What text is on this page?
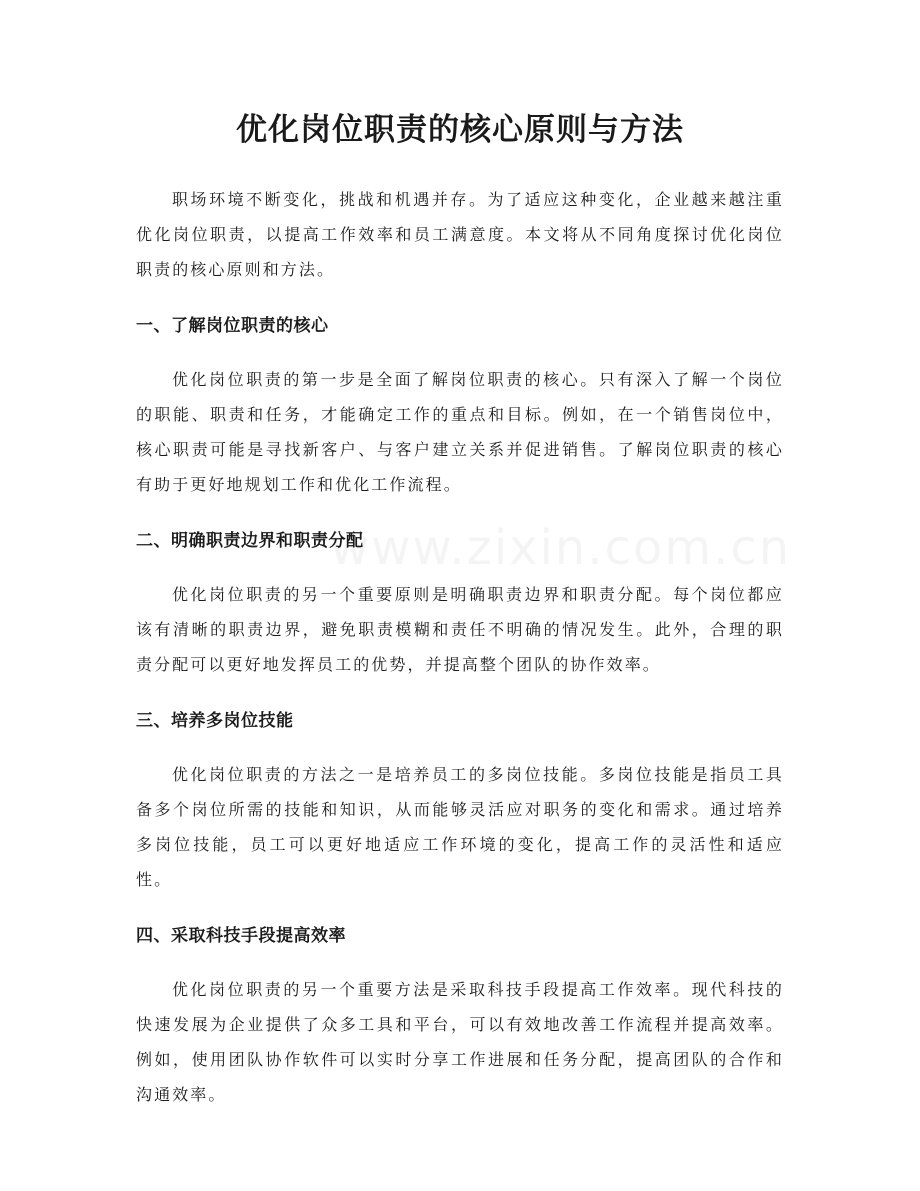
优化岗位职责的核心原则与方法

职场环境不断变化，挑战和机遇并存。为了适应这种变化，企业越来越注重优化岗位职责，以提高工作效率和员工满意度。本文将从不同角度探讨优化岗位职责的核心原则和方法。

一、了解岗位职责的核心

优化岗位职责的第一步是全面了解岗位职责的核心。只有深入了解一个岗位的职能、职责和任务，才能确定工作的重点和目标。例如，在一个销售岗位中，核心职责可能是寻找新客户、与客户建立关系并促进销售。了解岗位职责的核心有助于更好地规划工作和优化工作流程。

二、明确职责边界和职责分配

优化岗位职责的另一个重要原则是明确职责边界和职责分配。每个岗位都应该有清晰的职责边界，避免职责模糊和责任不明确的情况发生。此外，合理的职责分配可以更好地发挥员工的优势，并提高整个团队的协作效率。

三、培养多岗位技能

优化岗位职责的方法之一是培养员工的多岗位技能。多岗位技能是指员工具备多个岗位所需的技能和知识，从而能够灵活应对职务的变化和需求。通过培养多岗位技能，员工可以更好地适应工作环境的变化，提高工作的灵活性和适应性。

四、采取科技手段提高效率

优化岗位职责的另一个重要方法是采取科技手段提高工作效率。现代科技的快速发展为企业提供了众多工具和平台，可以有效地改善工作流程并提高效率。例如，使用团队协作软件可以实时分享工作进展和任务分配，提高团队的合作和沟通效率。
